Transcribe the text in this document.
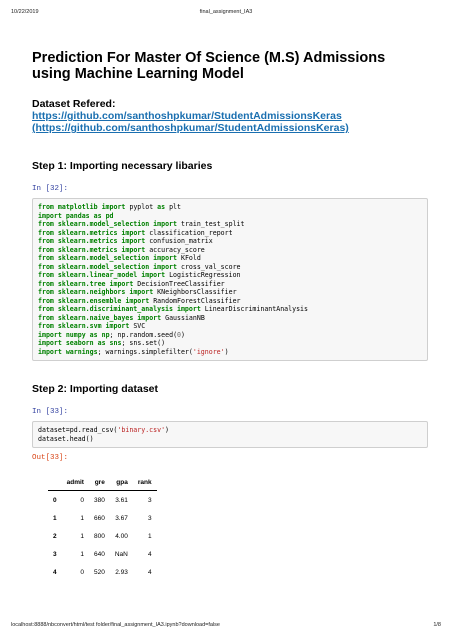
10/22/2019	final_assignment_IA3
Prediction For Master Of Science (M.S) Admissions
using Machine Learning Model
Dataset Refered:
https://github.com/santhoshpkumar/StudentAdmissionsKeras
(https://github.com/santhoshpkumar/StudentAdmissionsKeras)
Step 1: Importing necessary libaries
In [32]:
from matplotlib import pyplot as plt
import pandas as pd
from sklearn.model_selection import train_test_split
from sklearn.metrics import classification_report
from sklearn.metrics import confusion_matrix
from sklearn.metrics import accuracy_score
from sklearn.model_selection import KFold
from sklearn.model_selection import cross_val_score
from sklearn.linear_model import LogisticRegression
from sklearn.tree import DecisionTreeClassifier
from sklearn.neighbors import KNeighborsClassifier
from sklearn.ensemble import RandomForestClassifier
from sklearn.discriminant_analysis import LinearDiscriminantAnalysis
from sklearn.naive_bayes import GaussianNB
from sklearn.svm import SVC
import numpy as np; np.random.seed(0)
import seaborn as sns; sns.set()
import warnings; warnings.simplefilter('ignore')
Step 2: Importing dataset
In [33]:
dataset=pd.read_csv('binary.csv')
dataset.head()
Out[33]:
	admit	gre	gpa	rank
0	0	380	3.61	3
1	1	660	3.67	3
2	1	800	4.00	1
3	1	640	NaN	4
4	0	520	2.93	4
localhost:8888/nbconvert/html/test folder/final_assignment_IA3.ipynb?download=false	1/8
